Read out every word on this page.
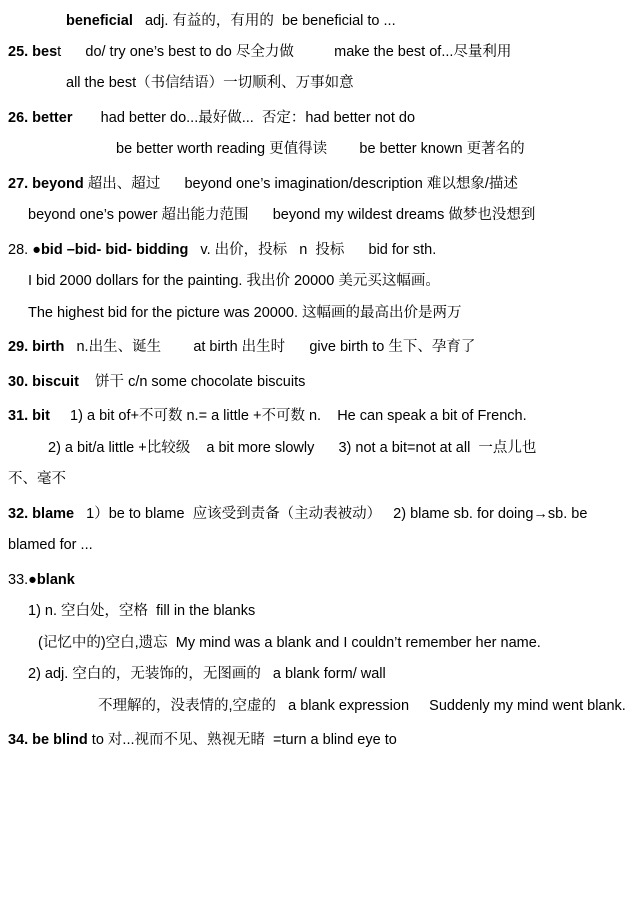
beneficial   adj. 有益的，有用的  be beneficial to ...
25. best      do/ try one’s best to do 尽全力做          make the best of...尽量利用
all the best（书信结语）一切顺利、万事如意
26. better       had better do...最好做...  否定：had better not do
be better worth reading 更值得读        be better known 更著名的
27. beyond 超出、超过      beyond one’s imagination/description 难以想象/描述
beyond one’s power 超出能力范围      beyond my wildest dreams 做梦也没想到
28. ●bid –bid- bid- bidding   v. 出价，投标   n  投标      bid for sth.
I bid 2000 dollars for the painting. 我出价 20000 美元买这幅画。
The highest bid for the picture was 20000. 这幅画的最高出价是两万
29. birth   n.出生、诞生        at birth 出生时      give birth to 生下、孕育了
30. biscuit    饼干 c/n some chocolate biscuits
31. bit     1) a bit of+不可数 n.= a little +不可数 n.    He can speak a bit of French.
2) a bit/a little +比较级    a bit more slowly      3) not a bit=not at all  一点儿也
不、毫不
32. blame   1）be to blame  应该受到责备（主动表被动）   2) blame sb. for doing→sb. be
blamed for ...
33.●blank
1) n. 空白处，空格  fill in the blanks
(记忆中的)空白,遗忘  My mind was a blank and I couldn’t remember her name.
2) adj. 空白的，无装饰的，无图画的   a blank form/ wall
不理解的，没表情的,空虚的   a blank expression     Suddenly my mind went blank.
34. be blind to 对...视而不见、熟视无睹  =turn a blind eye to
